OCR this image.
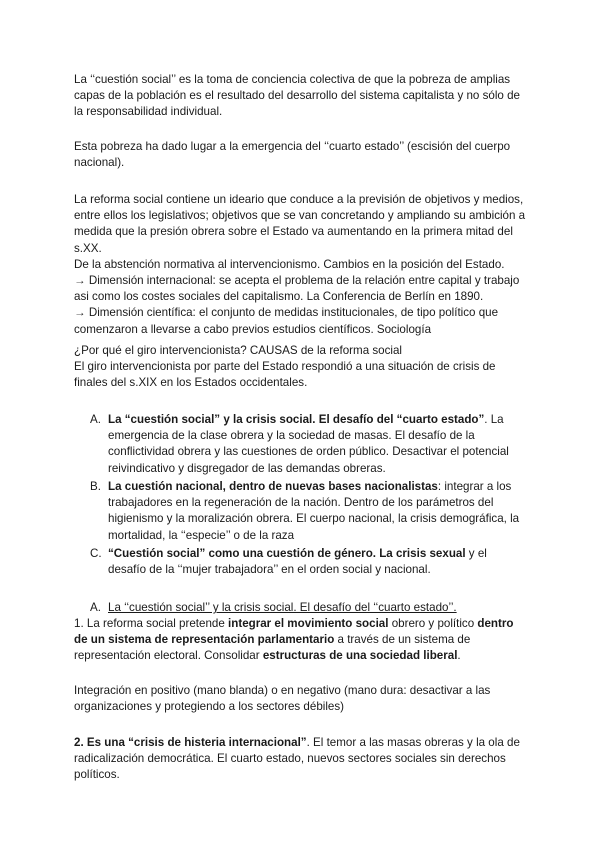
La ‘‘cuestión social’’ es la toma de conciencia colectiva de que la pobreza de amplias capas de la población es el resultado del desarrollo del sistema capitalista y no sólo de la responsabilidad individual.

Esta pobreza ha dado lugar a la emergencia del ‘‘cuarto estado’’ (escisión del cuerpo nacional).

La reforma social contiene un ideario que conduce a la previsión de objetivos y medios, entre ellos los legislativos; objetivos que se van concretando y ampliando su ambición a medida que la presión obrera sobre el Estado va aumentando en la primera mitad del s.XX.
De la abstención normativa al intervencionismo. Cambios en la posición del Estado.
→ Dimensión internacional: se acepta el problema de la relación entre capital y trabajo asi como los costes sociales del capitalismo. La Conferencia de Berlín en 1890.
→ Dimensión científica: el conjunto de medidas institucionales, de tipo político que comenzaron a llevarse a cabo previos estudios científicos. Sociología
¿Por qué el giro intervencionista? CAUSAS de la reforma social
El giro intervencionista por parte del Estado respondió a una situación de crisis de finales del s.XIX en los Estados occidentales.
A. La “cuestión social” y la crisis social. El desafío del “cuarto estado”. La emergencia de la clase obrera y la sociedad de masas. El desafío de la conflictividad obrera y las cuestiones de orden público. Desactivar el potencial reivindicativo y disgregador de las demandas obreras.
B. La cuestión nacional, dentro de nuevas bases nacionalistas: integrar a los trabajadores en la regeneración de la nación. Dentro de los parámetros del higienismo y la moralización obrera. El cuerpo nacional, la crisis demográfica, la mortalidad, la ‘‘especie’’ o de la raza
C. “Cuestión social” como una cuestión de género. La crisis sexual y el desafío de la ‘‘mujer trabajadora’’ en el orden social y nacional.
A. La ‘‘cuestión social’’ y la crisis social. El desafío del ‘‘cuarto estado’’.

1. La reforma social pretende integrar el movimiento social obrero y político dentro de un sistema de representación parlamentario a través de un sistema de representación electoral. Consolidar estructuras de una sociedad liberal.

Integración en positivo (mano blanda) o en negativo (mano dura: desactivar a las organizaciones y protegiendo a los sectores débiles)

2. Es una “crisis de histeria internacional”. El temor a las masas obreras y la ola de radicalización democrática. El cuarto estado, nuevos sectores sociales sin derechos políticos.
